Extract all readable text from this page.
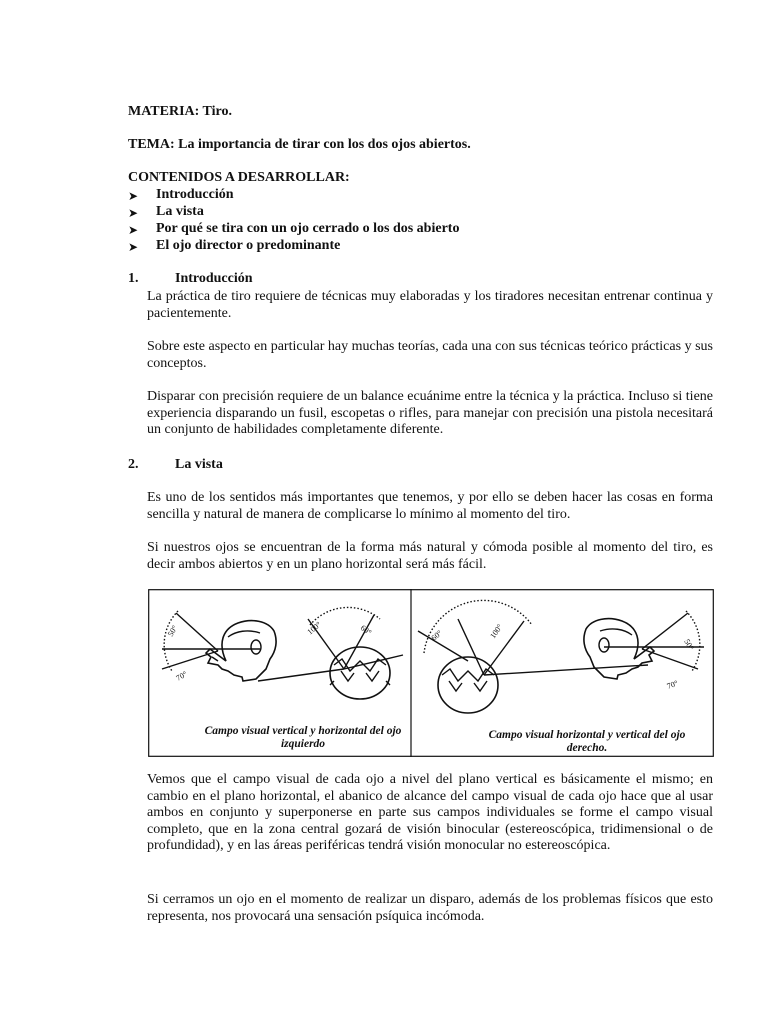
MATERIA: Tiro.
TEMA: La importancia de tirar con los dos ojos abiertos.
CONTENIDOS A DESARROLLAR:
➤ Introducción
➤ La vista
➤ Por qué se tira con un ojo cerrado o los dos abierto
➤ El ojo director o predominante
1.	Introducción

La práctica de tiro requiere de técnicas muy elaboradas y los tiradores necesitan entrenar continua y pacientemente.

Sobre este aspecto en particular hay muchas teorías, cada una con sus técnicas teórico prácticas y sus conceptos.

Disparar con precisión requiere de un balance ecuánime entre la técnica y la práctica. Incluso si tiene experiencia disparando un fusil, escopetas o rifles, para manejar con precisión una pistola necesitará un conjunto de habilidades completamente diferente.

2.	La vista

Es uno de los sentidos más importantes que tenemos, y por ello se deben hacer las cosas en forma sencilla y natural de manera de complicarse lo mínimo al momento del tiro.

Si nuestros ojos se encuentran de la forma más natural y cómoda posible al momento del tiro, es decir ambos abiertos y en un plano horizontal será más fácil.

50°
70°
100°	60°	60°	100°
50°
70°
Campo visual vertical y horizontal del ojo izquierdo
Campo visual horizontal y vertical del ojo derecho.

Vemos que el campo visual de cada ojo a nivel del plano vertical es básicamente el mismo; en cambio en el plano horizontal, el abanico de alcance del campo visual de cada ojo hace que al usar ambos en conjunto y superponerse en parte sus campos individuales se forme el campo visual completo, que en la zona central gozará de visión binocular (estereoscópica, tridimensional o de profundidad), y en las áreas periféricas tendrá visión monocular no estereoscópica.

Si cerramos un ojo en el momento de realizar un disparo, además de los problemas físicos que esto representa, nos provocará una sensación psíquica incómoda.
